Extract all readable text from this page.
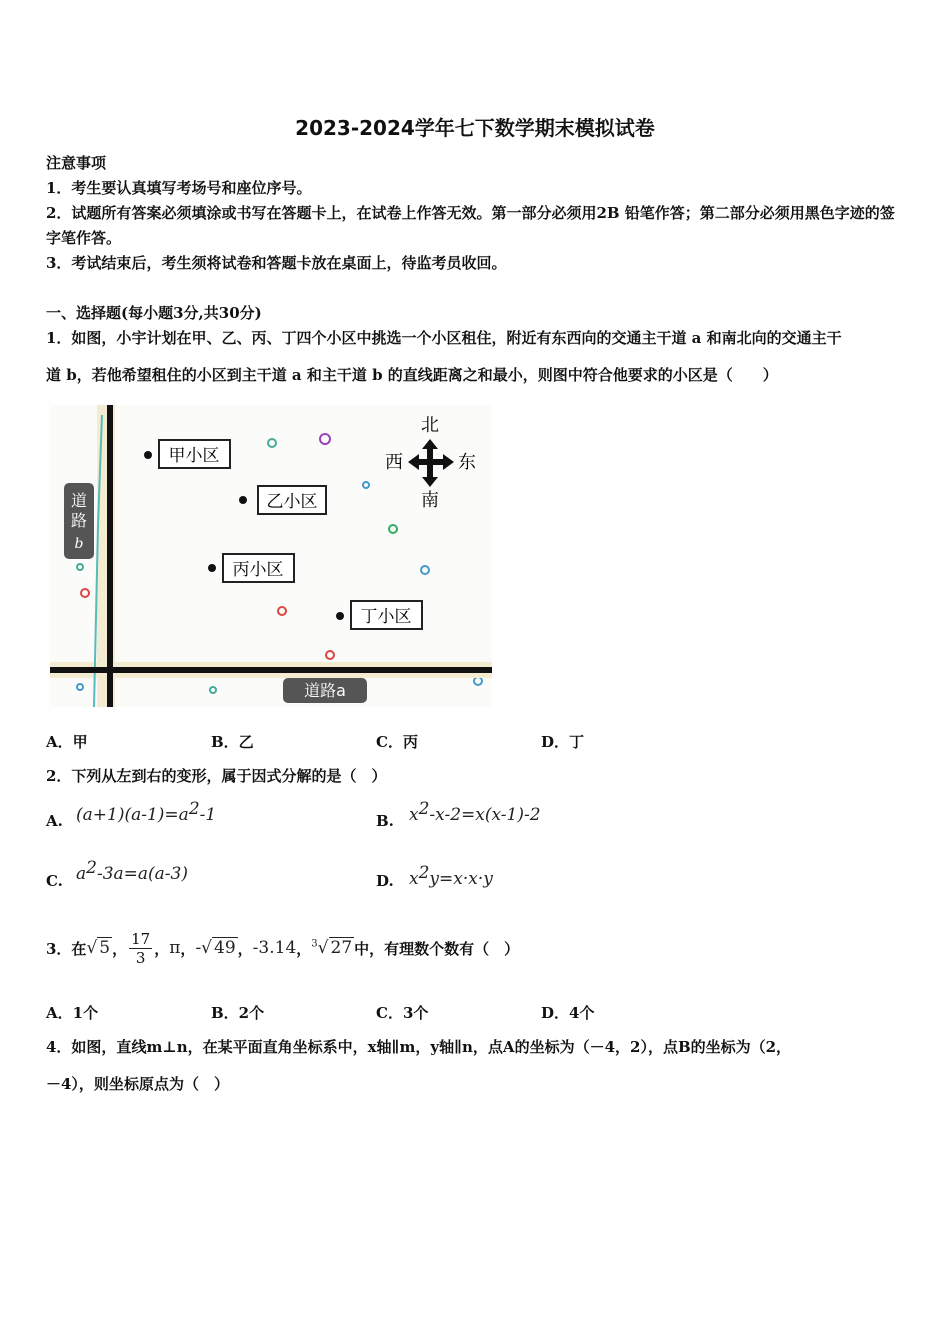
2023-2024学年七下数学期末模拟试卷
注意事项
1．考生要认真填写考场号和座位序号。
2．试题所有答案必须填涂或书写在答题卡上，在试卷上作答无效。第一部分必须用2B 铅笔作答；第二部分必须用黑色字迹的签字笔作答。
3．考试结束后，考生须将试卷和答题卡放在桌面上，待监考员收回。
一、选择题(每小题3分,共30分)
1．如图，小宇计划在甲、乙、丙、丁四个小区中挑选一个小区租住，附近有东西向的交通主干道 a 和南北向的交通主干
道 b，若他希望租住的小区到主干道 a 和主干道 b 的直线距离之和最小，则图中符合他要求的小区是（　　）
道
路
b
道路a
甲小区
乙小区
丙小区
丁小区
北
南
西	东
A．甲	B．乙	C．丙	D．丁
2．下列从左到右的变形，属于因式分解的是（　）
A. $(a+1)(a-1)=a^2-1$	B. $x^2-x-2=x(x-1)-2$
C. $a^2-3a=a(a-3)$	D. $x^2y=x\cdot x\cdot y$
3．在 √ 5 ， $\frac{17}{3}$ ， π ， -√ 49 ， -3.14 ， $^3$√ 27 中，有理数个数有（　）
A．1个	B．2个	C．3个	D．4个
4．如图，直线m⊥n，在某平面直角坐标系中，x轴∥m，y轴∥n，点A的坐标为（－4，2），点B的坐标为（2，
－4），则坐标原点为（　）
